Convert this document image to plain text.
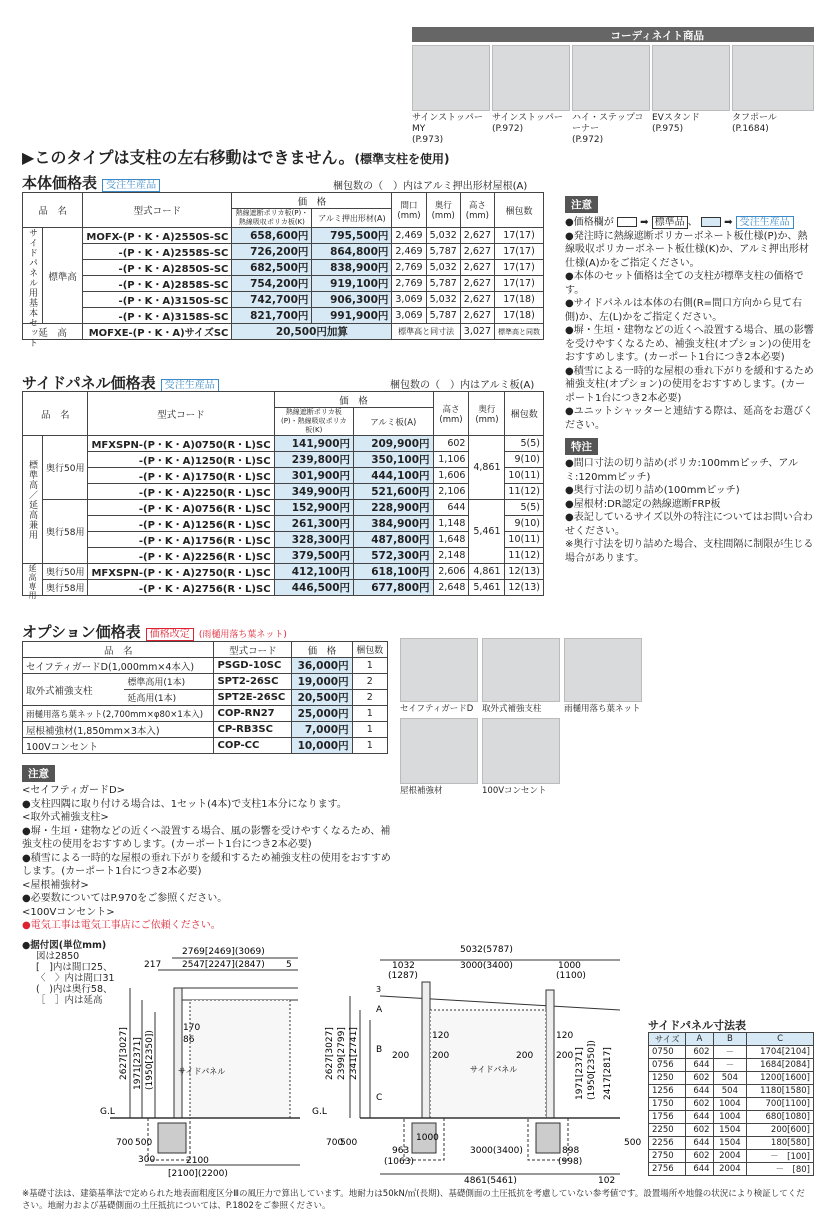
コーディネイト商品
サインストッパーMY
(P.973)
サインストッパー
(P.972)
ハイ・ステップコーナー
(P.972)
EVスタンド
(P.975)
タフポール
(P.1684)
▶このタイプは支柱の左右移動はできません。(標準支柱を使用)
本体価格表 受注生産品	梱包数の（　）内はアルミ押出形材屋根(A)
品　名		型式コード	価　格		間口(mm)	奥行(mm)	高さ(mm)	梱包数
			熱線遮断ポリカ板(P)・熱線吸収ポリカ板(K)	アルミ押出形材(A)				
サイドパネル用基本セット	標準高	MOFX-(P・K・A)2550S-SC	658,600円	795,500円	2,469	5,032	2,627	17(17)
		-(P・K・A)2558S-SC	726,200円	864,800円	2,469	5,787	2,627	17(17)
		-(P・K・A)2850S-SC	682,500円	838,900円	2,769	5,032	2,627	17(17)
		-(P・K・A)2858S-SC	754,200円	919,100円	2,769	5,787	2,627	17(17)
		-(P・K・A)3150S-SC	742,700円	906,300円	3,069	5,032	2,627	17(18)
		-(P・K・A)3158S-SC	821,700円	991,900円	3,069	5,787	2,627	17(18)
延　高		MOFXE-(P・K・A)サイズSC	20,500円加算		標準高と同寸法		3,027	標準高と同数
サイドパネル価格表 受注生産品	梱包数の（　）内はアルミ板(A)
品　名		型式コード	価　格		高さ(mm)	奥行(mm)	梱包数
			熱線遮断ポリカ板(P)・熱線吸収ポリカ板(K)	アルミ板(A)			
標準高／延高兼用	奥行50用	MFXSPN-(P・K・A)0750(R・L)SC	141,900円	209,900円	602	4,861	5(5)
		-(P・K・A)1250(R・L)SC	239,800円	350,100円	1,106		9(10)
		-(P・K・A)1750(R・L)SC	301,900円	444,100円	1,606		10(11)
		-(P・K・A)2250(R・L)SC	349,900円	521,600円	2,106		11(12)
	奥行58用	-(P・K・A)0756(R・L)SC	152,900円	228,900円	644	5,461	5(5)
		-(P・K・A)1256(R・L)SC	261,300円	384,900円	1,148		9(10)
		-(P・K・A)1756(R・L)SC	328,300円	487,800円	1,648		10(11)
		-(P・K・A)2256(R・L)SC	379,500円	572,300円	2,148		11(12)
延高専用	奥行50用	MFXSPN-(P・K・A)2750(R・L)SC	412,100円	618,100円	2,606	4,861	12(13)
	奥行58用	-(P・K・A)2756(R・L)SC	446,500円	677,800円	2,648	5,461	12(13)
注意
●価格欄が	➡ 標準品 、  ➡ 受注生産品
●発注時に熱線遮断ポリカーボネート板仕様(P)か、熱線吸収ポリカーボネート板仕様(K)か、アルミ押出形材仕様(A)かをご指定ください。
●本体のセット価格は全ての支柱が標準支柱の価格です。
●サイドパネルは本体の右側(R=間口方向から見て右側)か、左(L)かをご指定ください。
●塀・生垣・建物などの近くへ設置する場合、風の影響を受けやすくなるため、補強支柱(オプション)の使用をおすすめします。(カーポート1台につき2本必要)
●積雪による一時的な屋根の垂れ下がりを緩和するため補強支柱(オプション)の使用をおすすめします。(カーポート1台につき2本必要)
●ユニットシャッターと連結する際は、延高をお選びください。
特注
●間口寸法の切り詰め(ポリカ:100mmピッチ、アルミ:120mmピッチ)
●奥行寸法の切り詰め(100mmピッチ)
●屋根材:DR認定の熱線遮断FRP板
●表記しているサイズ以外の特注についてはお問い合わせください。
※奥行寸法を切り詰めた場合、支柱間隔に制限が生じる場合があります。
オプション価格表 価格改定 (雨樋用落ち葉ネット)
品　名		型式コード	価　格	梱包数
セイフティガードD(1,000mm×4本入)		PSGD-10SC	36,000円	1
取外式補強支柱	標準高用(1本)	SPT2-26SC	19,000円	2
	延高用(1本)	SPT2E-26SC	20,500円	2
雨樋用落ち葉ネット(2,700mm×φ80×1本入)		COP-RN27	25,000円	1
屋根補強材(1,850mm×3本入)		CP-RB3SC	7,000円	1
100Vコンセント		COP-CC	10,000円	1
セイフティガードD	取外式補強支柱	雨樋用落ち葉ネット
屋根補強材	100Vコンセント
注意
<セイフティガードD>
●支柱四隅に取り付ける場合は、1セット(4本)で支柱1本分になります。
<取外式補強支柱>
●塀・生垣・建物などの近くへ設置する場合、風の影響を受けやすくなるため、補強支柱の使用をおすすめします。(カーポート1台につき2本必要)
●積雪による一時的な屋根の垂れ下がりを緩和するため補強支柱の使用をおすすめします。(カーポート1台につき2本必要)
<屋根補強材>
●必要数についてはP.970をご参照ください。
<100Vコンセント>
●電気工事は電気工事店にご依頼ください。
●据付図(単位mm)
図は2850
[　]内は間口25、
〈　〉内は間口31
(　)内は奥行58、
［　］内は延高
2769[2469](3069)
217 2547[2247](2847) 5
170
86
2627[3027] 1971[2371] (1950[2350])	サイドパネル
G.L
700 500
300	2100
[2100](2200)
5032(5787)
1032	3000(3400)	1000
(1287)	(1100)
3
A
B
C
2627[3027] 2399[2799] 2341[2741]	200	200	200	200
120	120
サイドパネル	1971[2371] (1950[2350]) 2417[2817]
G.L
700
500	500
1000
963
(1063)
3000(3400)	898
(998)
4861(5461)	102
サイドパネル寸法表
サイズ	A	B	C
0750	602	－	1704[2104]
0756	644	－	1684[2084]
1250	602	504	1200[1600]
1256	644	504	1180[1580]
1750	602	1004	700[1100]
1756	644	1004	680[1080]
2250	602	1504	200[600]
2256	644	1504	180[580]
2750	602	2004	－　[100]
2756	644	2004	－　[80]
※基礎寸法は、建築基準法で定められた地表面粗度区分Ⅲの風圧力で算出しています。地耐力は50kN/㎡(長期)、基礎側面の土圧抵抗を考慮していない参考値です。設置場所や地盤の状況により検証してください。地耐力および基礎側面の土圧抵抗については、P.1802をご参照ください。
